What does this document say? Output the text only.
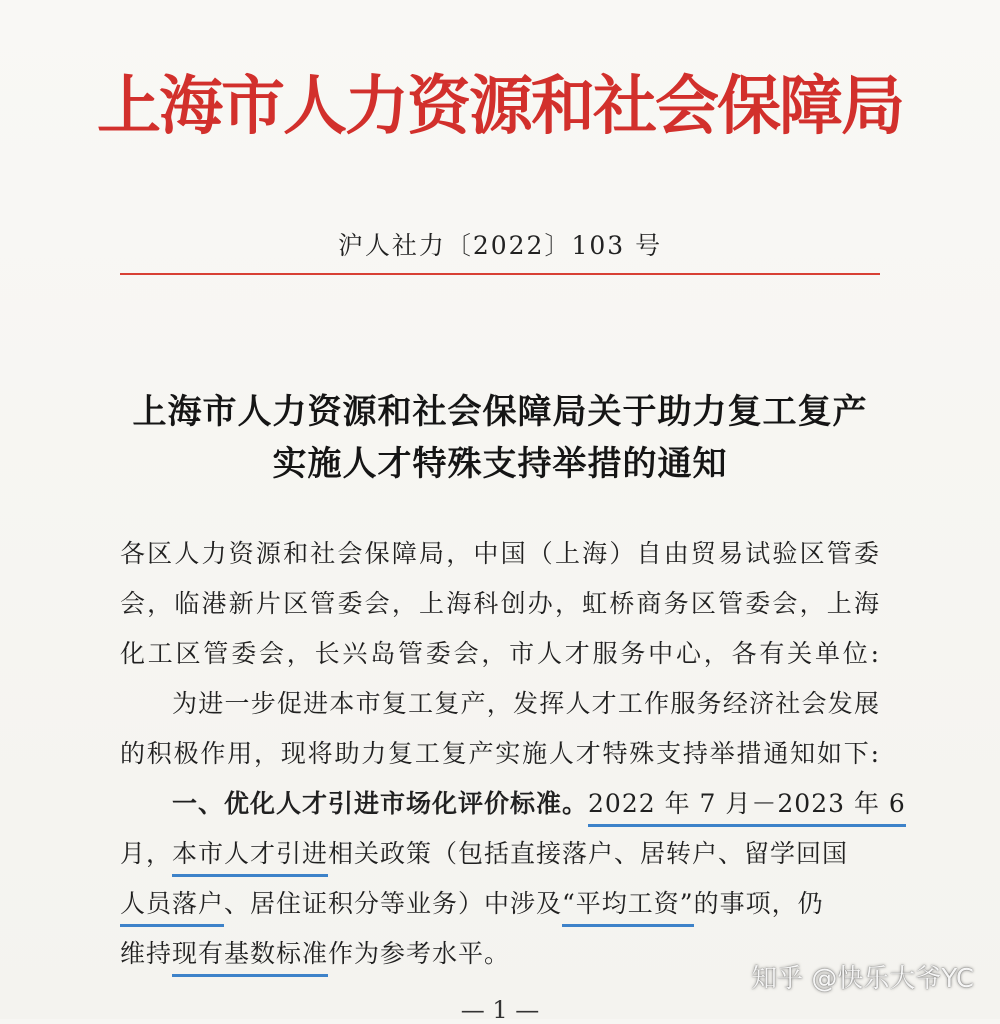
上海市人力资源和社会保障局
沪人社力〔2022〕103 号
上海市人力资源和社会保障局关于助力复工复产
实施人才特殊支持举措的通知
各区人力资源和社会保障局，中国（上海）自由贸易试验区管委
会，临港新片区管委会，上海科创办，虹桥商务区管委会，上海
化工区管委会，长兴岛管委会，市人才服务中心，各有关单位:
为进一步促进本市复工复产，发挥人才工作服务经济社会发展
的积极作用，现将助力复工复产实施人才特殊支持举措通知如下:
一、优化人才引进市场化评价标准。2022 年 7 月－2023 年 6
月，本市人才引进相关政策（包括直接落户、居转户、留学回国
人员落户、居住证积分等业务）中涉及“平均工资”的事项，仍
维持现有基数标准作为参考水平。
知乎 @快乐大爷YC
— 1 —
